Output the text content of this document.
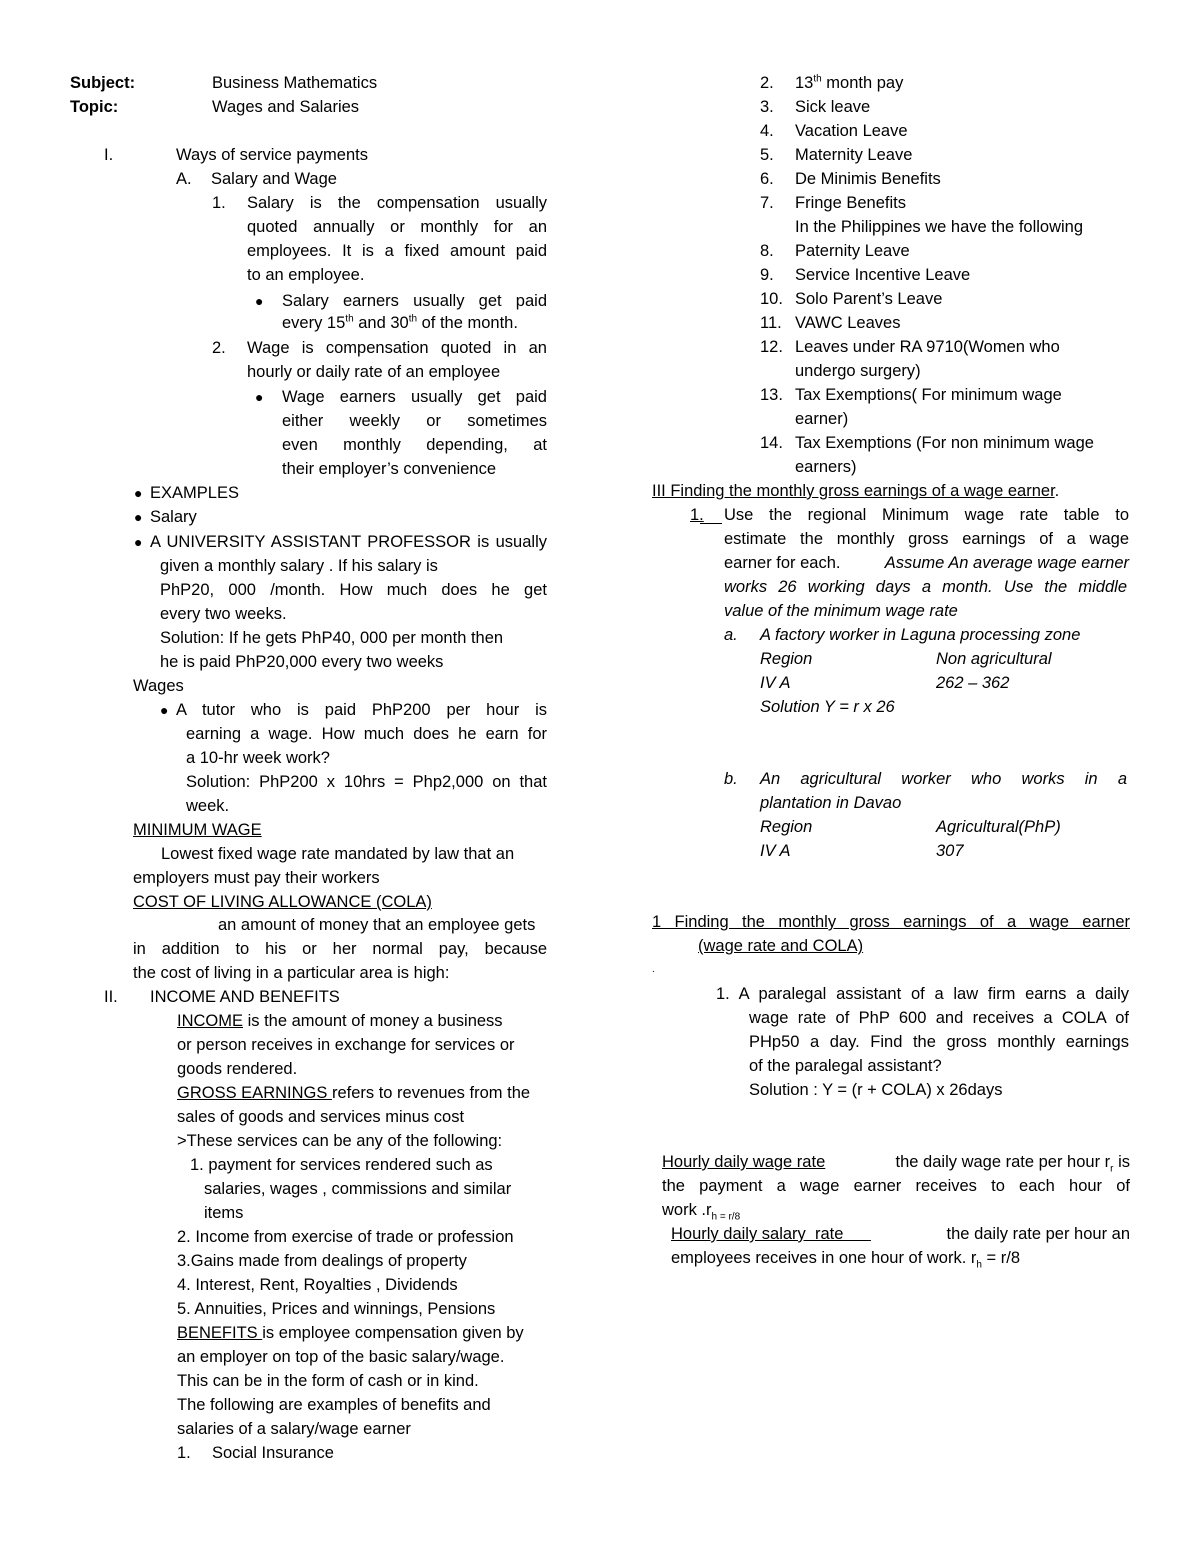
Subject:	Business Mathematics
Topic:	Wages and Salaries
I.	Ways of service payments
A. Salary and Wage
1. Salary is the compensation usually
quoted annually or monthly for an
employees. It is a fixed amount paid
to an employee.
● Salary earners usually get paid
every 15th and 30th of the month.
2. Wage is compensation quoted in an
hourly or daily rate of an employee
● Wage earners usually get paid
either weekly or sometimes
even monthly depending, at
their employer’s convenience
● EXAMPLES
● Salary
● A UNIVERSITY ASSISTANT PROFESSOR is usually
given a monthly salary . If his salary is
PhP20, 000 /month. How much does he get
every two weeks.
Solution: If he gets PhP40, 000 per month then
he is paid PhP20,000 every two weeks
Wages
● A tutor who is paid PhP200 per hour is
earning a wage. How much does he earn for
a 10-hr week work?
Solution: PhP200 x 10hrs = Php2,000 on that
week.
MINIMUM WAGE
Lowest fixed wage rate mandated by law that an
employers must pay their workers
COST OF LIVING ALLOWANCE (COLA)
an amount of money that an employee gets
in addition to his or her normal pay, because
the cost of living in a particular area is high:
II. INCOME AND BENEFITS
INCOME is the amount of money a business
or person receives in exchange for services or
goods rendered.
GROSS EARNINGS refers to revenues from the
sales of goods and services minus cost
>These services can be any of the following:
1. payment for services rendered such as
salaries, wages , commissions and similar
items
2. Income from exercise of trade or profession
3.Gains made from dealings of property
4. Interest, Rent, Royalties , Dividends
5. Annuities, Prices and winnings, Pensions
BENEFITS is employee compensation given by
an employer on top of the basic salary/wage.
This can be in the form of cash or in kind.
The following are examples of benefits and
salaries of a salary/wage earner
1. Social Insurance
2. 13th month pay
3. Sick leave
4. Vacation Leave
5. Maternity Leave
6. De Minimis Benefits
7. Fringe Benefits
In the Philippines we have the following
8. Paternity Leave
9. Service Incentive Leave
10. Solo Parent’s Leave
11. VAWC Leaves
12. Leaves under RA 9710(Women who
undergo surgery)
13. Tax Exemptions( For minimum wage
earner)
14. Tax Exemptions (For non minimum wage
earners)
III Finding the monthly gross earnings of a wage earner.
1. Use the regional Minimum wage rate table to
estimate the monthly gross earnings of a wage
earner for each.	Assume An average wage earner
works 26 working days a month. Use the middle
value of the minimum wage rate
a. A factory worker in Laguna processing zone
Region	Non agricultural
IV A	262 – 362
Solution Y = r x 26
b. An agricultural worker who works in a
plantation in Davao
Region	Agricultural(PhP)
IV A	307
1 Finding the monthly gross earnings of a wage earner
(wage rate and COLA)
.
1. A paralegal assistant of a law firm earns a daily
wage rate of PhP 600 and receives a COLA of
PHp50 a day. Find the gross monthly earnings
of the paralegal assistant?
Solution : Y = (r + COLA) x 26days
Hourly daily wage rate	the daily wage rate per hour $r_r$ is
the payment a wage earner receives to each hour of
work $.r_{h = r/8}$
Hourly daily salary  rate	the daily rate per hour an
employees receives in one hour of work. $r_h = r/8$
